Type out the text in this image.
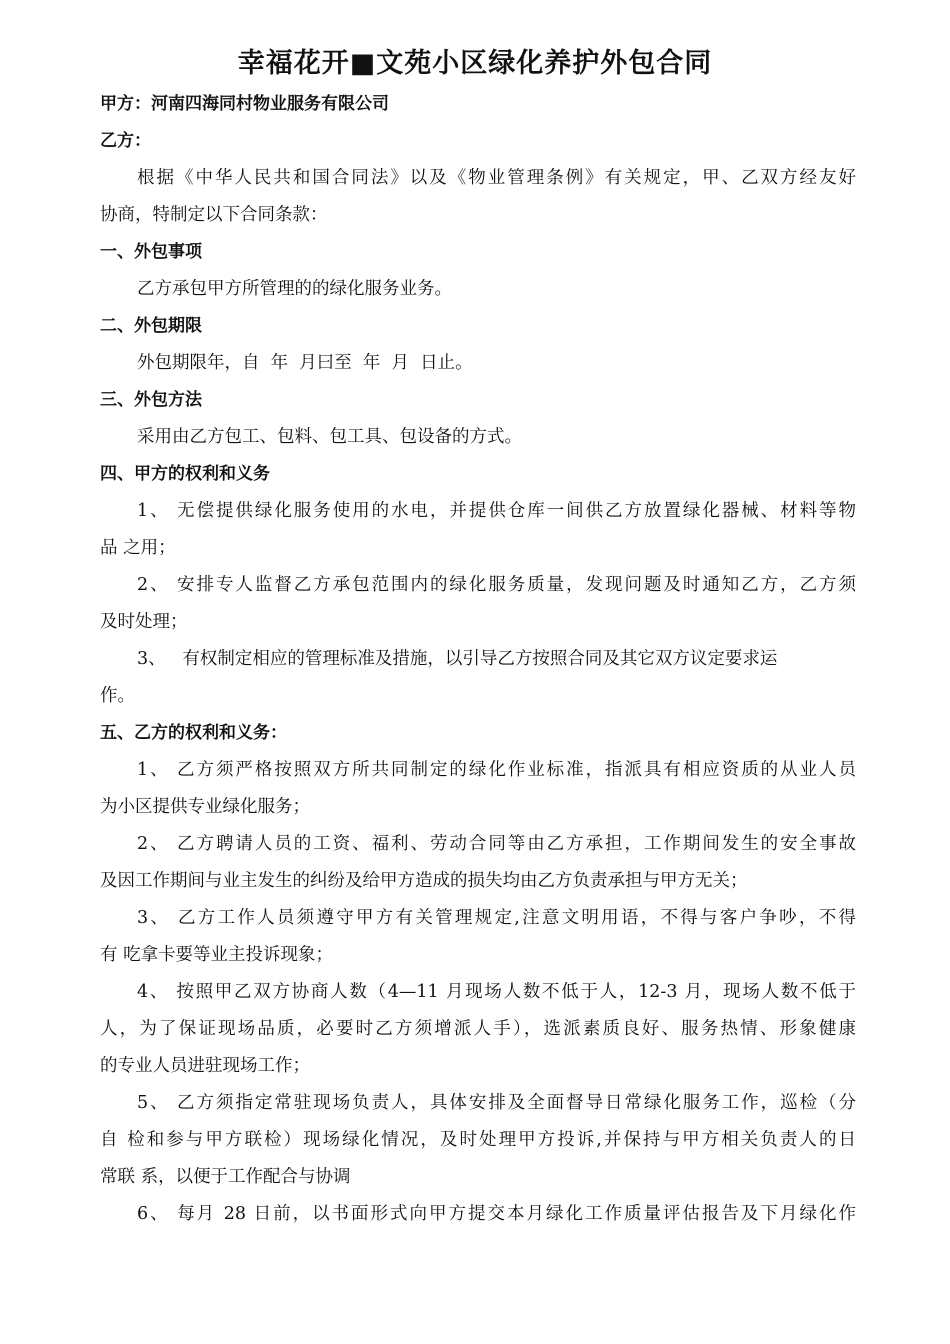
幸福花开■文苑小区绿化养护外包合同
甲方：河南四海同村物业服务有限公司
乙方：
根据《中华人民共和国合同法》以及《物业管理条例》有关规定，甲、乙双方经友好
协商，特制定以下合同条款：
一、外包事项
乙方承包甲方所管理的的绿化服务业务。
二、外包期限
外包期限年，自  年  月曰至  年  月  日止。
三、外包方法
采用由乙方包工、包料、包工具、包设备的方式。
四、甲方的权利和义务
1、 无偿提供绿化服务使用的水电，并提供仓库一间供乙方放置绿化器械、材料等物
品 之用；
2、 安排专人监督乙方承包范围内的绿化服务质量，发现问题及时通知乙方，乙方须
及时处理；
3、   有权制定相应的管理标准及措施，以引导乙方按照合同及其它双方议定要求运
作。
五、乙方的权利和义务：
1、 乙方须严格按照双方所共同制定的绿化作业标准，指派具有相应资质的从业人员
为小区提供专业绿化服务；
2、 乙方聘请人员的工资、福利、劳动合同等由乙方承担，工作期间发生的安全事故
及因工作期间与业主发生的纠纷及给甲方造成的损失均由乙方负责承担与甲方无关；
3、 乙方工作人员须遵守甲方有关管理规定,注意文明用语，不得与客户争吵，不得
有 吃拿卡要等业主投诉现象；
4、 按照甲乙双方协商人数（4—11 月现场人数不低于人，12-3 月，现场人数不低于
人，为了保证现场品质，必要时乙方须增派人手），选派素质良好、服务热情、形象健康
的专业人员进驻现场工作；
5、 乙方须指定常驻现场负责人，具体安排及全面督导日常绿化服务工作，巡检（分
自 检和参与甲方联检）现场绿化情况，及时处理甲方投诉,并保持与甲方相关负责人的日
常联 系，以便于工作配合与协调
6、 每月 28 日前，以书面形式向甲方提交本月绿化工作质量评估报告及下月绿化作
